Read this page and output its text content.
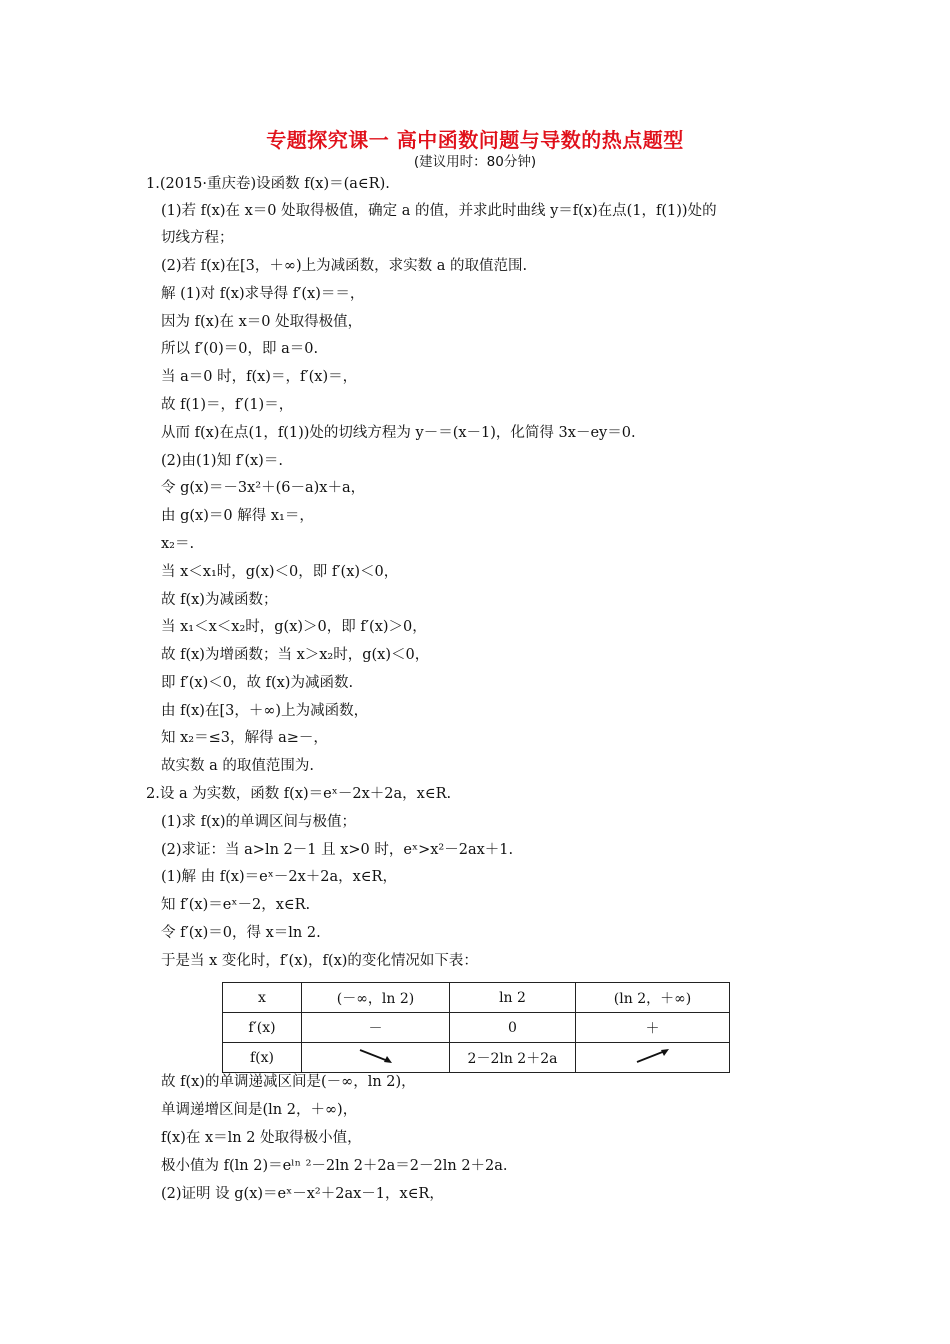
专题探究课一 高中函数问题与导数的热点题型
(建议用时：80分钟)
1.(2015·重庆卷)设函数 f(x)＝(a∈R).
(1)若 f(x)在 x＝0 处取得极值，确定 a 的值，并求此时曲线 y＝f(x)在点(1，f(1))处的
切线方程；
(2)若 f(x)在[3，＋∞)上为减函数，求实数 a 的取值范围.
解 (1)对 f(x)求导得 f′(x)＝＝，
因为 f(x)在 x＝0 处取得极值，
所以 f′(0)＝0，即 a＝0.
当 a＝0 时，f(x)＝，f′(x)＝，
故 f(1)＝，f′(1)＝，
从而 f(x)在点(1，f(1))处的切线方程为 y－＝(x－1)，化简得 3x－ey＝0.
(2)由(1)知 f′(x)＝.
令 g(x)＝－3x²＋(6－a)x＋a，
由 g(x)＝0 解得 x₁＝，
x₂＝.
当 x＜x₁时，g(x)＜0，即 f′(x)＜0，
故 f(x)为减函数；
当 x₁＜x＜x₂时，g(x)＞0，即 f′(x)＞0，
故 f(x)为增函数；当 x＞x₂时，g(x)＜0，
即 f′(x)＜0，故 f(x)为减函数.
由 f(x)在[3，＋∞)上为减函数，
知 x₂＝≤3，解得 a≥－，
故实数 a 的取值范围为.
2.设 a 为实数，函数 f(x)＝eˣ－2x＋2a，x∈R.
(1)求 f(x)的单调区间与极值；
(2)求证：当 a>ln 2－1 且 x>0 时，eˣ>x²－2ax＋1.
(1)解 由 f(x)＝eˣ－2x＋2a，x∈R，
知 f′(x)＝eˣ－2，x∈R.
令 f′(x)＝0，得 x＝ln 2.
于是当 x 变化时，f′(x)，f(x)的变化情况如下表：
x	(－∞，ln 2)	ln 2	(ln 2，＋∞)
f′(x)	－	0	＋
f(x)		2－2ln 2＋2a	
故 f(x)的单调递减区间是(－∞，ln 2)，
单调递增区间是(ln 2，＋∞)，
f(x)在 x＝ln 2 处取得极小值，
极小值为 f(ln 2)＝eˡⁿ ²－2ln 2＋2a＝2－2ln 2＋2a.
(2)证明 设 g(x)＝eˣ－x²＋2ax－1，x∈R，
